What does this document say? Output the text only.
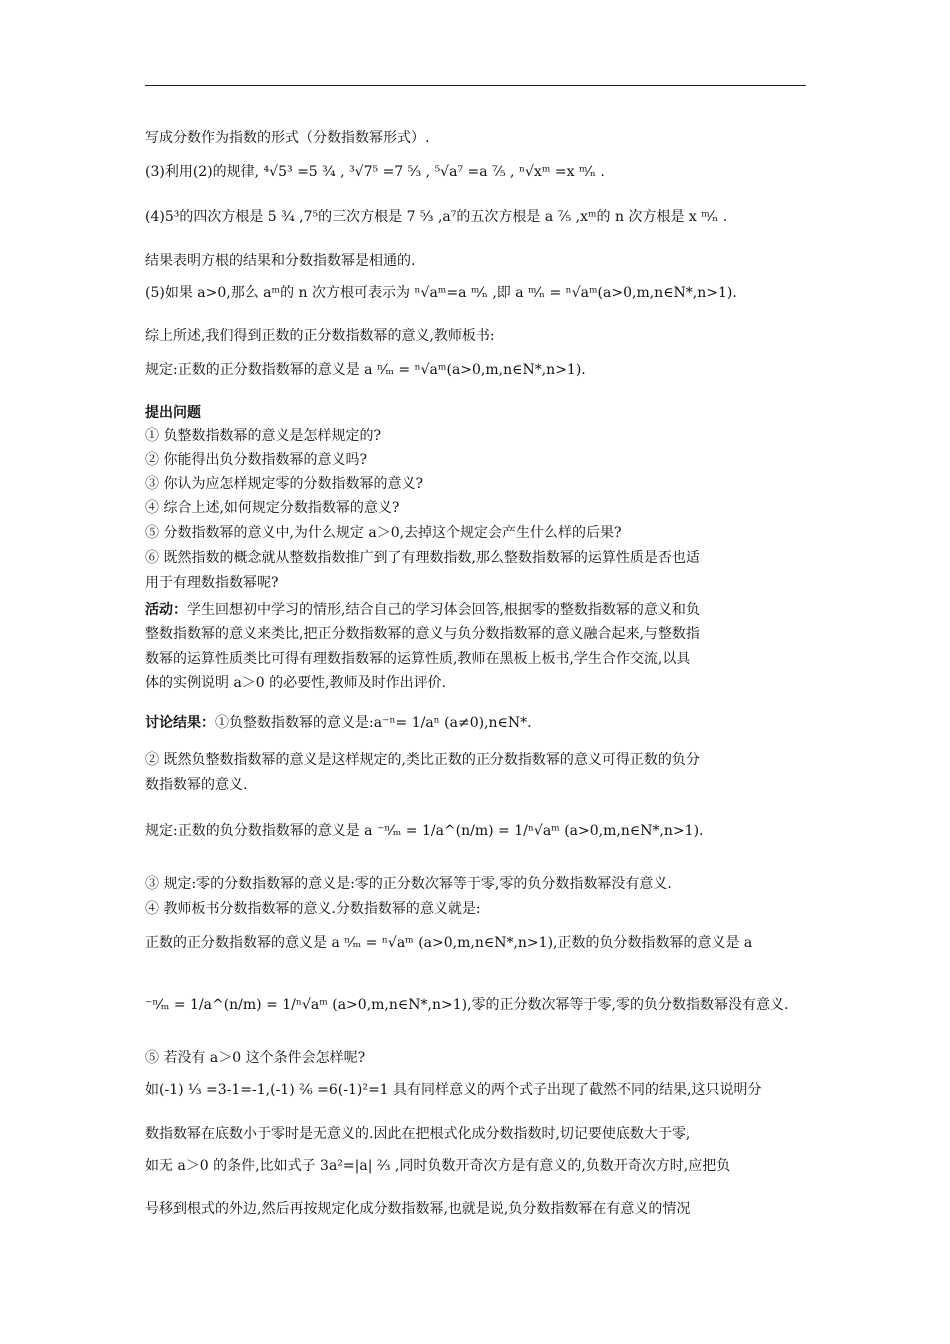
写成分数作为指数的形式（分数指数幂形式）.
(3)利用(2)的规律, ⁴√5³ =5 ³⁄₄ , ³√7⁵ =7 ⁵⁄₃ , ⁵√a⁷ =a ⁷⁄₅ , ⁿ√xᵐ =x ᵐ⁄ₙ .
(4)5³的四次方根是 5 ³⁄₄ ,7⁵的三次方根是 7 ⁵⁄₃ ,a⁷的五次方根是 a ⁷⁄₅ ,xᵐ的 n 次方根是 x ᵐ⁄ₙ .
结果表明方根的结果和分数指数幂是相通的.
(5)如果 a>0,那么 aᵐ的 n 次方根可表示为 ⁿ√aᵐ=a ᵐ⁄ₙ ,即 a ᵐ⁄ₙ = ⁿ√aᵐ(a>0,m,n∈N*,n>1).
综上所述,我们得到正数的正分数指数幂的意义,教师板书:
规定:正数的正分数指数幂的意义是 a ⁿ⁄ₘ = ⁿ√aᵐ(a>0,m,n∈N*,n>1).
提出问题
① 负整数指数幂的意义是怎样规定的?
② 你能得出负分数指数幂的意义吗?
③ 你认为应怎样规定零的分数指数幂的意义?
④ 综合上述,如何规定分数指数幂的意义?
⑤ 分数指数幂的意义中,为什么规定 a＞0,去掉这个规定会产生什么样的后果?
⑥ 既然指数的概念就从整数指数推广到了有理数指数,那么整数指数幂的运算性质是否也适
用于有理数指数幂呢?
活动：学生回想初中学习的情形,结合自己的学习体会回答,根据零的整数指数幂的意义和负
整数指数幂的意义来类比,把正分数指数幂的意义与负分数指数幂的意义融合起来,与整数指
数幂的运算性质类比可得有理数指数幂的运算性质,教师在黑板上板书,学生合作交流,以具
体的实例说明 a＞0 的必要性,教师及时作出评价.
讨论结果：①负整数指数幂的意义是:a⁻ⁿ= 1/aⁿ (a≠0),n∈N*.
② 既然负整数指数幂的意义是这样规定的,类比正数的正分数指数幂的意义可得正数的负分
数指数幂的意义.
规定:正数的负分数指数幂的意义是 a ⁻ⁿ⁄ₘ = 1/a^(n/m) = 1/ⁿ√aᵐ (a>0,m,n∈N*,n>1).
③ 规定:零的分数指数幂的意义是:零的正分数次幂等于零,零的负分数指数幂没有意义.
④ 教师板书分数指数幂的意义.分数指数幂的意义就是:
正数的正分数指数幂的意义是 a ⁿ⁄ₘ = ⁿ√aᵐ (a>0,m,n∈N*,n>1),正数的负分数指数幂的意义是 a
⁻ⁿ⁄ₘ = 1/a^(n/m) = 1/ⁿ√aᵐ (a>0,m,n∈N*,n>1),零的正分数次幂等于零,零的负分数指数幂没有意义.
⑤ 若没有 a＞0 这个条件会怎样呢?
如(-1) ¹⁄₃ =3-1=-1,(-1) ²⁄₆ =6(-1)²=1 具有同样意义的两个式子出现了截然不同的结果,这只说明分
数指数幂在底数小于零时是无意义的.因此在把根式化成分数指数时,切记要使底数大于零,
如无 a＞0 的条件,比如式子 3a²=|a| ²⁄₃ ,同时负数开奇次方是有意义的,负数开奇次方时,应把负
号移到根式的外边,然后再按规定化成分数指数幂,也就是说,负分数指数幂在有意义的情况
